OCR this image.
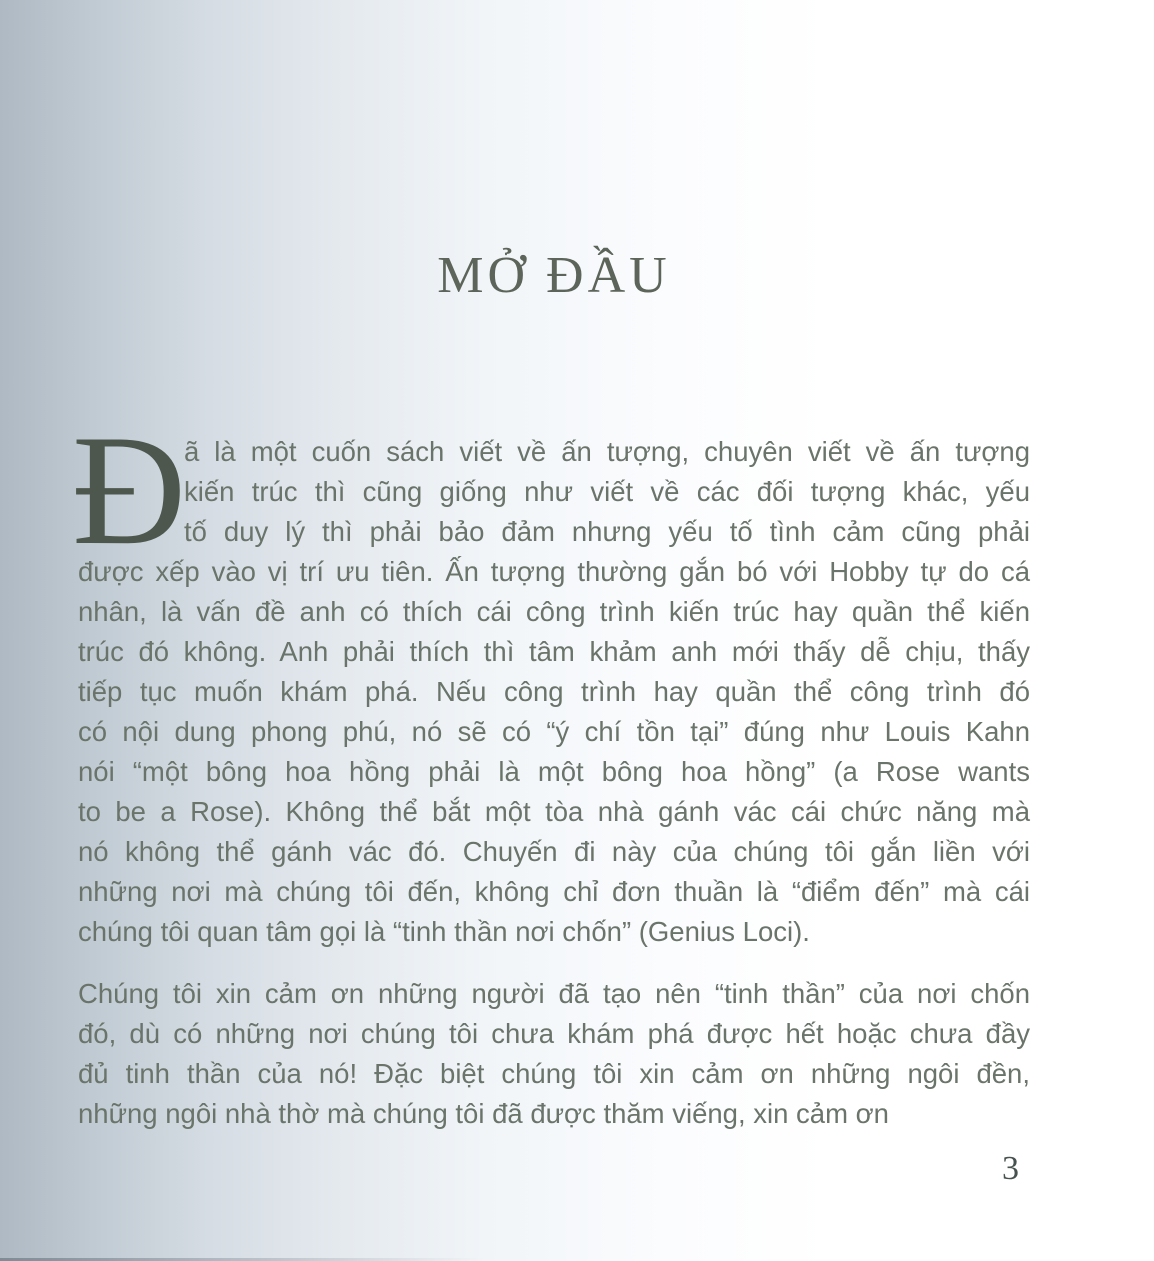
MỞ ĐẦU
Đ
ã là một cuốn sách viết về ấn tượng, chuyên viết về ấn tượng
kiến trúc thì cũng giống như viết về các đối tượng khác, yếu
tố duy lý thì phải bảo đảm nhưng yếu tố tình cảm cũng phải
được xếp vào vị trí ưu tiên. Ấn tượng thường gắn bó với Hobby tự do cá
nhân, là vấn đề anh có thích cái công trình kiến trúc hay quần thể kiến
trúc đó không. Anh phải thích thì tâm khảm anh mới thấy dễ chịu, thấy
tiếp tục muốn khám phá. Nếu công trình hay quần thể công trình đó
có nội dung phong phú, nó sẽ có “ý chí tồn tại” đúng như Louis Kahn
nói “một bông hoa hồng phải là một bông hoa hồng” (a Rose wants
to be a Rose). Không thể bắt một tòa nhà gánh vác cái chức năng mà
nó không thể gánh vác đó. Chuyến đi này của chúng tôi gắn liền với
những nơi mà chúng tôi đến, không chỉ đơn thuần là “điểm đến” mà cái
chúng tôi quan tâm gọi là “tinh thần nơi chốn” (Genius Loci).
Chúng tôi xin cảm ơn những người đã tạo nên “tinh thần” của nơi chốn
đó, dù có những nơi chúng tôi chưa khám phá được hết hoặc chưa đầy
đủ tinh thần của nó! Đặc biệt chúng tôi xin cảm ơn những ngôi đền,
những ngôi nhà thờ mà chúng tôi đã được thăm viếng, xin cảm ơn
3
